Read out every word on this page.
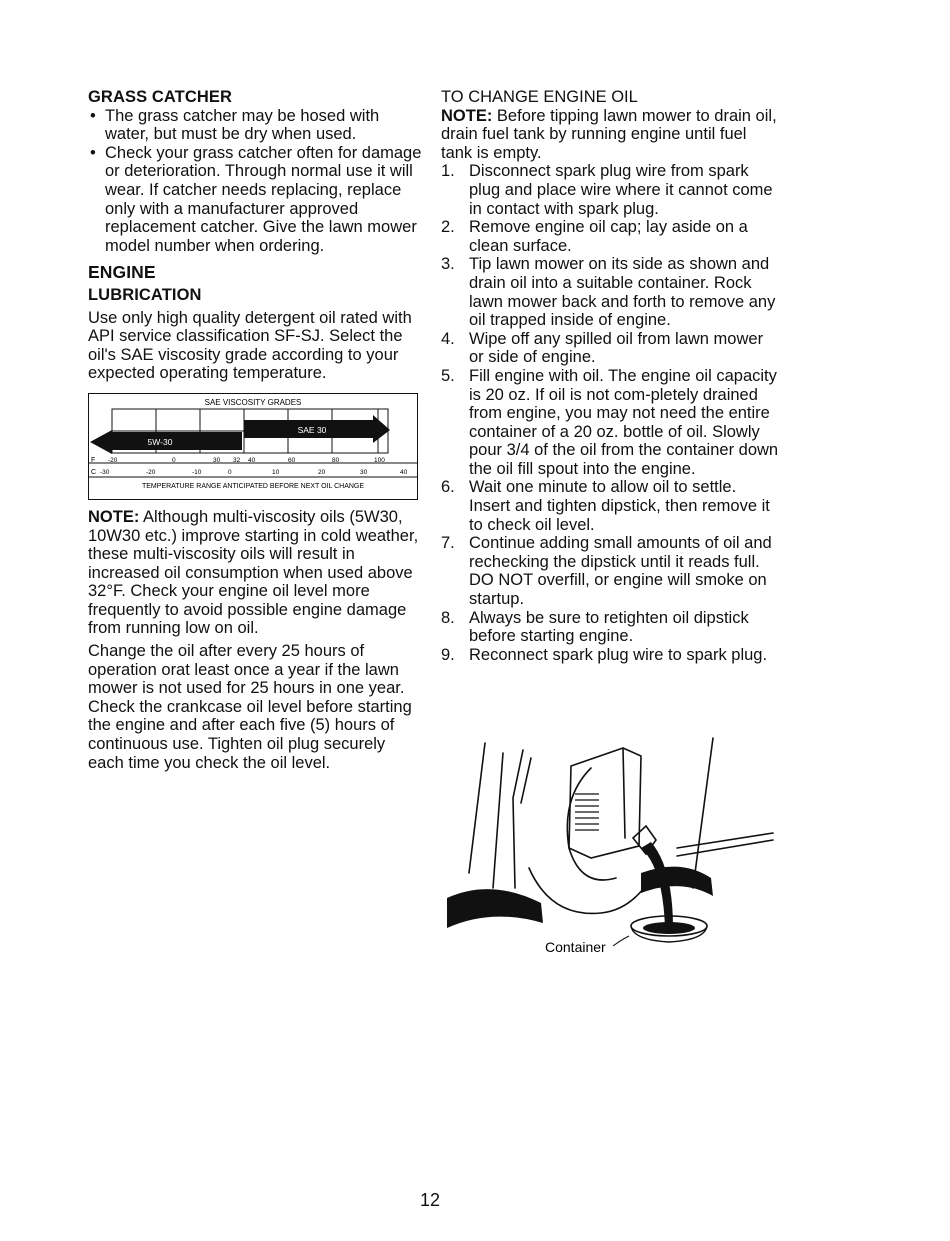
GRASS CATCHER
• The grass catcher may be hosed with water, but must be dry when used.
• Check your grass catcher often for damage or deterioration. Through normal use it will wear. If catcher needs replacing, replace only with a manufacturer approved replacement catcher. Give the lawn mower model number when ordering.
ENGINE
LUBRICATION

Use only high quality detergent oil rated with API service classification SF-SJ. Select the oil's SAE viscosity grade according to your expected operating temperature.

SAE VISCOSITY GRADES
SAE 30
5W-30
F -20	0	30 32 40	60	80	100
C -30	-20	-10	0	10	20	30	40
TEMPERATURE RANGE ANTICIPATED BEFORE NEXT OIL CHANGE

NOTE: Although multi-viscosity oils (5W30, 10W30 etc.) improve starting in cold weather, these multi-viscosity oils will result in increased oil consumption when used above 32°F. Check your engine oil level more frequently to avoid possible engine damage from running low on oil.

Change the oil after every 25 hours of operation orat least once a year if the lawn mower is not used for 25 hours in one year.

Check the crankcase oil level before starting the engine and after each five (5) hours of continuous use. Tighten oil plug securely each time you check the oil level.

TO CHANGE ENGINE OIL

NOTE: Before tipping lawn mower to drain oil, drain fuel tank by running engine until fuel tank is empty.

1. Disconnect spark plug wire from spark plug and place wire where it cannot come in contact with spark plug.
2. Remove engine oil cap; lay aside on a clean surface.
3. Tip lawn mower on its side as shown and drain oil into a suitable container. Rock lawn mower back and forth to remove any oil trapped inside of engine.
4. Wipe off any spilled oil from lawn mower or side of engine.
5. Fill engine with oil. The engine oil capacity is 20 oz. If oil is not com-pletely drained from engine, you may not need the entire container of a 20 oz. bottle of oil. Slowly pour 3/4 of the oil from the container down the oil fill spout into the engine.
6. Wait one minute to allow oil to settle. Insert and tighten dipstick, then remove it to check oil level.
7. Continue adding small amounts of oil and rechecking the dipstick until it reads full. DO NOT overfill, or engine will smoke on startup.
8. Always be sure to retighten oil dipstick before starting engine.
9. Reconnect spark plug wire to spark plug.
Container
12
